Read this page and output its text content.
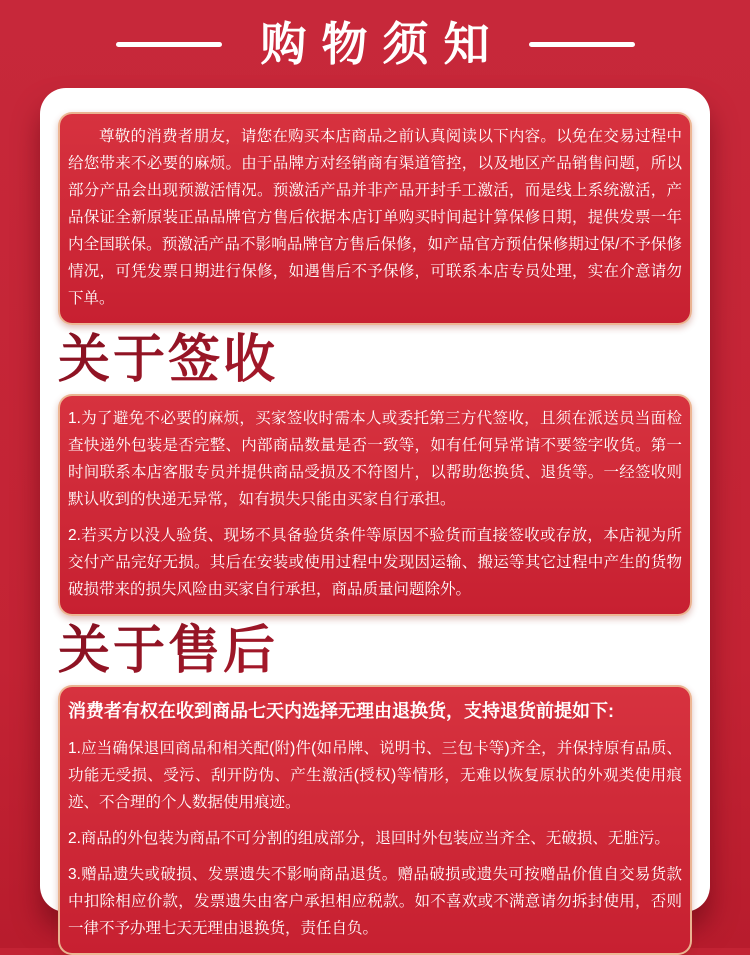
购物须知

尊敬的消费者朋友，请您在购买本店商品之前认真阅读以下内容。以免在交易过程中给您带来不必要的麻烦。由于品牌方对经销商有渠道管控，以及地区产品销售问题，所以部分产品会出现预激活情况。预激活产品并非产品开封手工激活，而是线上系统激活，产品保证全新原装正品品牌官方售后依据本店订单购买时间起计算保修日期，提供发票一年内全国联保。预激活产品不影响品牌官方售后保修，如产品官方预估保修期过保/不予保修情况，可凭发票日期进行保修，如遇售后不予保修，可联系本店专员处理，实在介意请勿下单。

关于签收

1.为了避免不必要的麻烦，买家签收时需本人或委托第三方代签收，且须在派送员当面检查快递外包装是否完整、内部商品数量是否一致等，如有任何异常请不要签字收货。第一时间联系本店客服专员并提供商品受损及不符图片，以帮助您换货、退货等。一经签收则默认收到的快递无异常，如有损失只能由买家自行承担。

2.若买方以没人验货、现场不具备验货条件等原因不验货而直接签收或存放，本店视为所交付产品完好无损。其后在安装或使用过程中发现因运输、搬运等其它过程中产生的货物破损带来的损失风险由买家自行承担，商品质量问题除外。

关于售后

消费者有权在收到商品七天内选择无理由退换货，支持退货前提如下:

1.应当确保退回商品和相关配(附)件(如吊牌、说明书、三包卡等)齐全，并保持原有品质、功能无受损、受污、刮开防伪、产生激活(授权)等情形，无难以恢复原状的外观类使用痕迹、不合理的个人数据使用痕迹。

2.商品的外包装为商品不可分割的组成部分，退回时外包装应当齐全、无破损、无脏污。

3.赠品遗失或破损、发票遗失不影响商品退货。赠品破损或遗失可按赠品价值自交易货款中扣除相应价款，发票遗失由客户承担相应税款。如不喜欢或不满意请勿拆封使用，否则一律不予办理七天无理由退换货，责任自负。
